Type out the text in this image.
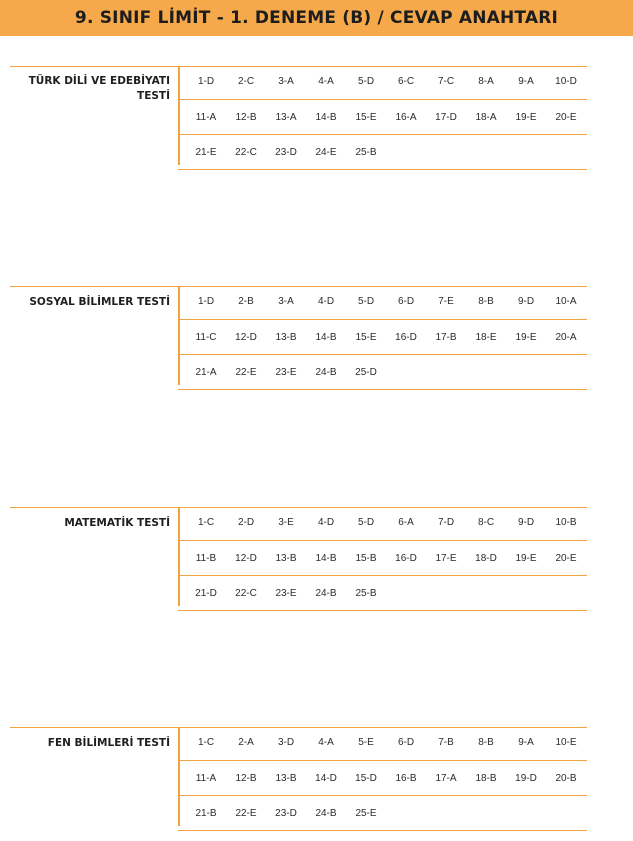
9. SINIF LİMİT - 1. DENEME (B) / CEVAP ANAHTARI
TÜRK DİLİ VE EDEBİYATI
TESTİ
1-D	2-C	3-A	4-A	5-D	6-C	7-C	8-A	9-A	10-D
11-A	12-B	13-A	14-B	15-E	16-A	17-D	18-A	19-E	20-E
21-E	22-C	23-D	24-E	25-B
SOSYAL BİLİMLER TESTİ	1-D	2-B	3-A	4-D	5-D	6-D	7-E	8-B	9-D	10-A
11-C	12-D	13-B	14-B	15-E	16-D	17-B	18-E	19-E	20-A
21-A	22-E	23-E	24-B	25-D
MATEMATİK TESTİ	1-C	2-D	3-E	4-D	5-D	6-A	7-D	8-C	9-D	10-B
11-B	12-D	13-B	14-B	15-B	16-D	17-E	18-D	19-E	20-E
21-D	22-C	23-E	24-B	25-B
FEN BİLİMLERİ TESTİ	1-C	2-A	3-D	4-A	5-E	6-D	7-B	8-B	9-A	10-E
11-A	12-B	13-B	14-D	15-D	16-B	17-A	18-B	19-D	20-B
21-B	22-E	23-D	24-B	25-E
